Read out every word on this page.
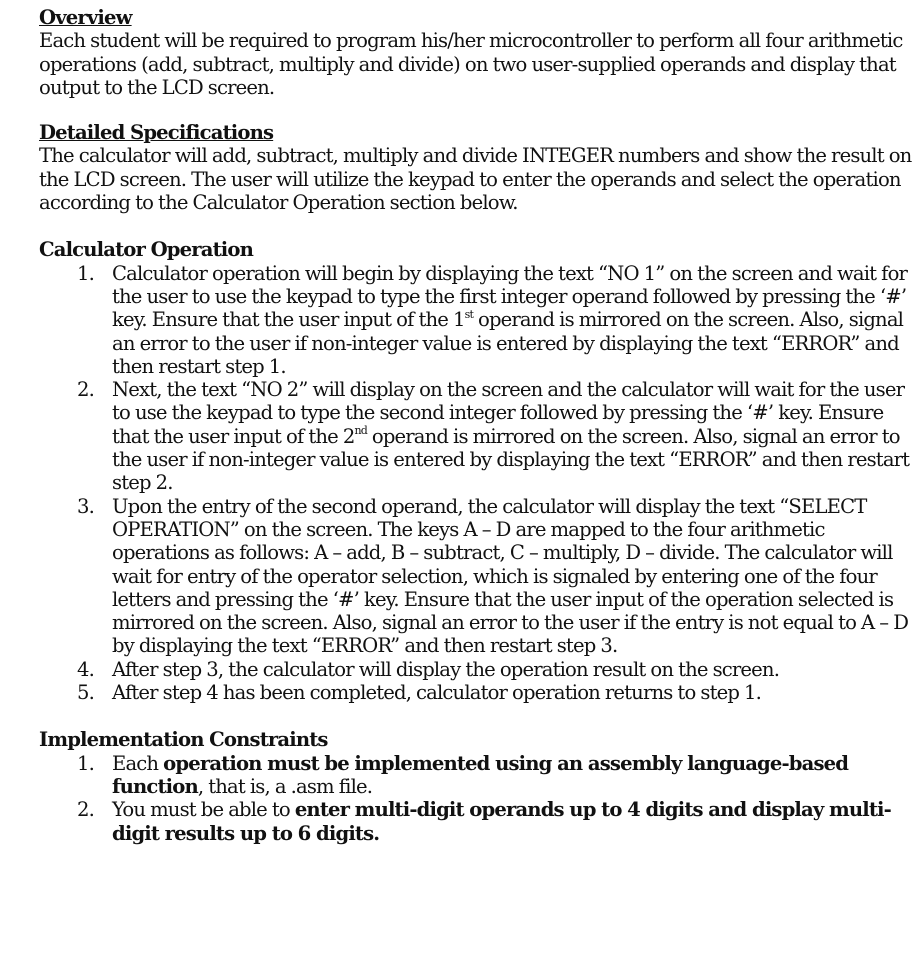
Overview

Each student will be required to program his/her microcontroller to perform all four arithmetic operations (add, subtract, multiply and divide) on two user-supplied operands and display that output to the LCD screen.

Detailed Specifications

The calculator will add, subtract, multiply and divide INTEGER numbers and show the result on the LCD screen. The user will utilize the keypad to enter the operands and select the operation according to the Calculator Operation section below.

Calculator Operation

1. Calculator operation will begin by displaying the text “NO 1” on the screen and wait for the user to use the keypad to type the first integer operand followed by pressing the ‘#’ key. Ensure that the user input of the 1st operand is mirrored on the screen. Also, signal an error to the user if non-integer value is entered by displaying the text “ERROR” and then restart step 1.
2. Next, the text “NO 2” will display on the screen and the calculator will wait for the user to use the keypad to type the second integer followed by pressing the ‘#’ key. Ensure that the user input of the 2nd operand is mirrored on the screen. Also, signal an error to the user if non-integer value is entered by displaying the text “ERROR” and then restart step 2.
3. Upon the entry of the second operand, the calculator will display the text “SELECT OPERATION” on the screen. The keys A – D are mapped to the four arithmetic operations as follows: A – add, B – subtract, C – multiply, D – divide. The calculator will wait for entry of the operator selection, which is signaled by entering one of the four letters and pressing the ‘#’ key. Ensure that the user input of the operation selected is mirrored on the screen. Also, signal an error to the user if the entry is not equal to A – D by displaying the text “ERROR” and then restart step 3.
4. After step 3, the calculator will display the operation result on the screen.
5. After step 4 has been completed, calculator operation returns to step 1.

Implementation Constraints

1. Each operation must be implemented using an assembly language-based function, that is, a .asm file.
2. You must be able to enter multi-digit operands up to 4 digits and display multi-digit results up to 6 digits.
